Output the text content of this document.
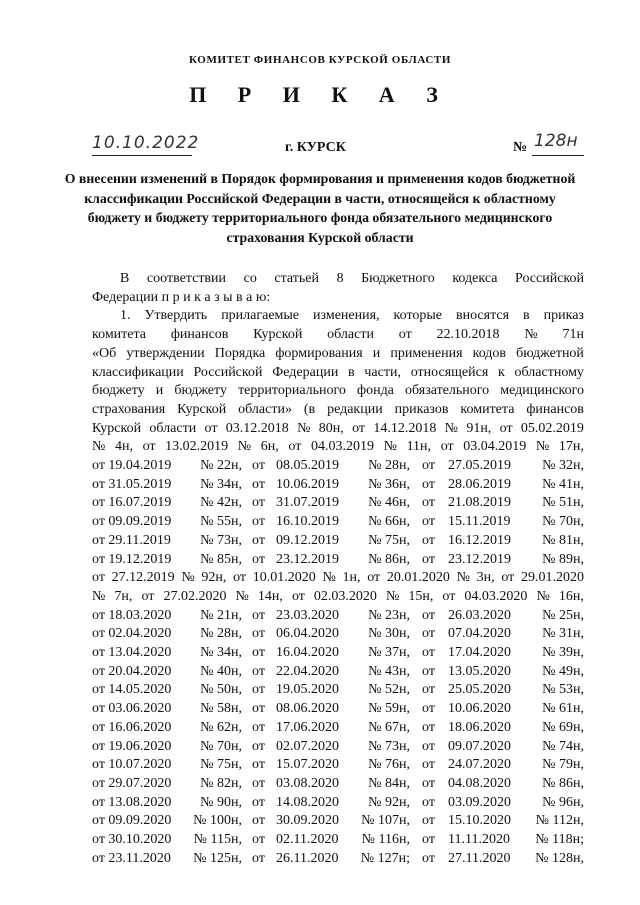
КОМИТЕТ ФИНАНСОВ КУРСКОЙ ОБЛАСТИ
П Р И К А З
10.10.2022	г. КУРСК	№ 128н
О внесении изменений в Порядок формирования и применения кодов бюджетной классификации Российской Федерации в части, относящейся к областному бюджету и бюджету территориального фонда обязательного медицинского страхования Курской области
В соответствии со статьей 8 Бюджетного кодекса Российской
Федерации п р и к а з ы в а ю:
1. Утвердить прилагаемые изменения, которые вносятся в приказ
комитета финансов Курской области от 22.10.2018 № 71н
«Об утверждении Порядка формирования и применения кодов бюджетной
классификации Российской Федерации в части, относящейся к областному
бюджету и бюджету территориального фонда обязательного медицинского
страхования Курской области» (в редакции приказов комитета финансов
Курской области от 03.12.2018 № 80н, от 14.12.2018 № 91н, от 05.02.2019
№ 4н, от 13.02.2019 № 6н, от 04.03.2019 № 11н, от 03.04.2019 № 17н,
от 19.04.2019	№ 22н, от 08.05.2019	№ 28н, от 27.05.2019	№ 32н,
от 31.05.2019	№ 34н, от 10.06.2019	№ 36н, от 28.06.2019	№ 41н,
от 16.07.2019	№ 42н, от 31.07.2019	№ 46н, от 21.08.2019	№ 51н,
от 09.09.2019	№ 55н, от 16.10.2019	№ 66н, от 15.11.2019	№ 70н,
от 29.11.2019	№ 73н, от 09.12.2019	№ 75н, от 16.12.2019	№ 81н,
от 19.12.2019	№ 85н, от 23.12.2019	№ 86н, от 23.12.2019	№ 89н,
от 27.12.2019 № 92н, от 10.01.2020 № 1н, от 20.01.2020 № 3н, от 29.01.2020
№ 7н, от 27.02.2020 № 14н, от 02.03.2020 № 15н, от 04.03.2020 № 16н,
от 18.03.2020	№ 21н, от 23.03.2020	№ 23н, от 26.03.2020	№ 25н,
от 02.04.2020	№ 28н, от 06.04.2020	№ 30н, от 07.04.2020	№ 31н,
от 13.04.2020	№ 34н, от 16.04.2020	№ 37н, от 17.04.2020	№ 39н,
от 20.04.2020	№ 40н, от 22.04.2020	№ 43н, от 13.05.2020	№ 49н,
от 14.05.2020	№ 50н, от 19.05.2020	№ 52н, от 25.05.2020	№ 53н,
от 03.06.2020	№ 58н, от 08.06.2020	№ 59н, от 10.06.2020	№ 61н,
от 16.06.2020	№ 62н, от 17.06.2020	№ 67н, от 18.06.2020	№ 69н,
от 19.06.2020	№ 70н, от 02.07.2020	№ 73н, от 09.07.2020	№ 74н,
от 10.07.2020	№ 75н, от 15.07.2020	№ 76н, от 24.07.2020	№ 79н,
от 29.07.2020	№ 82н, от 03.08.2020	№ 84н, от 04.08.2020	№ 86н,
от 13.08.2020	№ 90н, от 14.08.2020	№ 92н, от 03.09.2020	№ 96н,
от 09.09.2020	№ 100н, от 30.09.2020	№ 107н, от 15.10.2020	№ 112н,
от 30.10.2020	№ 115н, от 02.11.2020	№ 116н, от 11.11.2020	№ 118н;
от 23.11.2020	№ 125н, от 26.11.2020	№ 127н; от 27.11.2020	№ 128н,
